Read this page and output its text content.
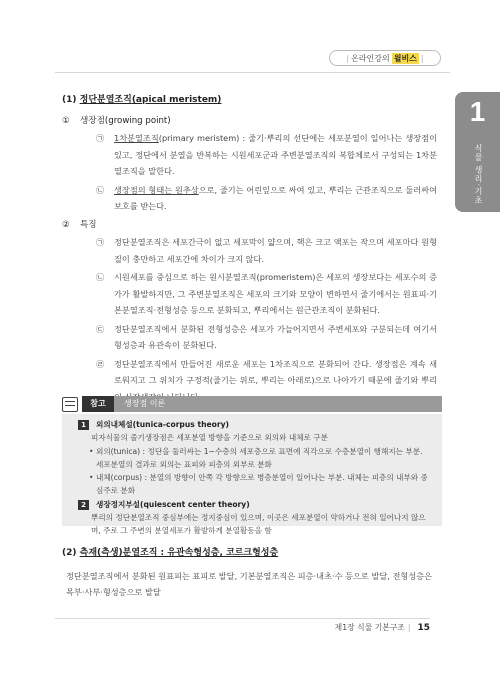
| 온라인강의 윌비스 |
1
식물 생리·기초
(1) 정단분열조직(apical meristem)
① 생장점(growing point)
㉠ 1차분열조직(primary meristem) : 줄기·뿌리의 선단에는 세포분열이 일어나는 생장점이 있고, 정단에서 분열을 반복하는 시원세포군과 주변분열조직의 복합체로서 구성되는 1차분열조직을 말한다.
㉡ 생장점의 형태는 원추상으로, 줄기는 어린잎으로 싸여 있고, 뿌리는 근관조직으로 둘러싸여 보호를 받는다.
② 특징
㉠ 정단분열조직은 세포간극이 없고 세포막이 얇으며, 핵은 크고 액포는 작으며 세포마다 원형질이 충만하고 세포간에 차이가 크지 않다.
㉡ 시원세포를 중심으로 하는 원시분열조직(promeristem)은 세포의 생장보다는 세포수의 증가가 활발하지만, 그 주변분열조직은 세포의 크기와 모양이 변하면서 줄기에서는 원표피·기본분열조직·전형성층 등으로 분화되고, 뿌리에서는 원근관조직이 분화된다.
㉢ 정단분열조직에서 분화된 전형성층은 세포가 가늘어지면서 주변세포와 구분되는데 여기서 형성층과 유관속이 분화된다.
㉣ 정단분열조직에서 만들어진 새로운 세포는 1차조직으로 분화되어 간다. 생장점은 계속 새로워지고 그 위치가 구정적(줄기는 위로, 뿌리는 아래로)으로 나아가기 때문에 줄기와 뿌리
참고	생장점 이론
1	외의내체설(tunica-corpus theory)
피자식물의 줄기생장점은 세포분열 방향을 기준으로 외의와 내체로 구분
• 외의(tunica) : 정단을 둘러싸는 1~수층의 세포층으로 표면에 직각으로 수층분열이 행해지는 부분. 세포분열의 결과로 외의는 표피와 피층의 외부로 분화
• 내체(corpus) : 분열의 방향이 안쪽 각 방향으로 병층분열이 일어나는 부분. 내체는 피층의 내부와 중심주로 분화
2	생장정지부설(quiescent center theory)
뿌리의 정단분열조직 중심부에는 정지중심이 있으며, 이곳은 세포분열이 약하거나 전혀 일어나지 않으며, 주로 그 주변의 분열세포가 활발하게 분열활동을 함
(2) 측재(측생)분열조직 : 유관속형성층, 코르크형성층
정단분열조직에서 분화된 원표피는 표피로 발달, 기본분열조직은 피층·내초·수 등으로 발달, 전형성층은 목부·사부·형성층으로 발달
제1장 식물 기본구조 | 15
